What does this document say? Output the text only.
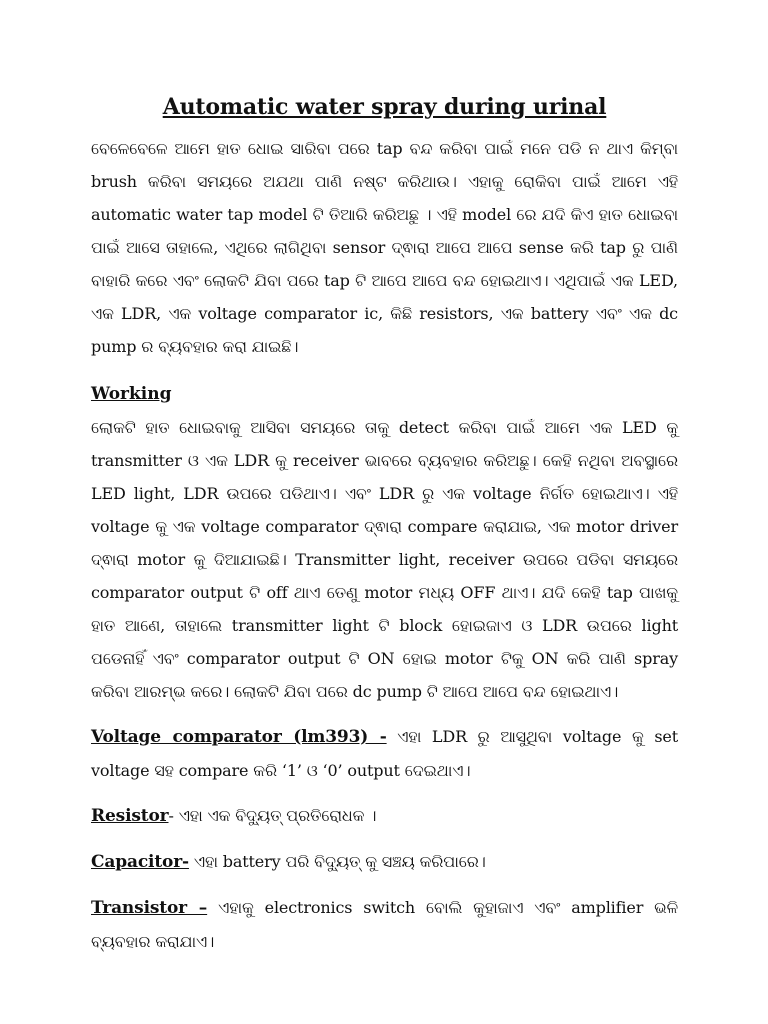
Automatic water spray during urinal

ବେଳେବେଳେ ଆମେ ହାତ ଧୋଇ ସାରିବା ପରେ tap ବନ୍ଦ କରିବା ପାଇଁ ମନେ ପଡି ନ ଥାଏ କିମ୍ବା brush କରିବା ସମୟରେ ଅଯଥା ପାଣି ନଷ୍ଟ କରିଥାଉ। ଏହାକୁ ରୋକିବା ପାଇଁ ଆମେ ଏହି automatic water tap model ଟି ତିଆରି କରିଅଛୁ । ଏହି model ରେ ଯଦି କିଏ ହାତ ଧୋଇବା ପାଇଁ ଆସେ ତାହାଲେ, ଏଥିରେ ଲାଗିଥିବା sensor ଦ୍ଵାରା ଆପେ ଆପେ sense କରି tap ରୁ ପାଣି ବାହାରି କରେ ଏବଂ ଲୋକଟି ଯିବା ପରେ tap ଟି ଆପେ ଆପେ ବନ୍ଦ ହୋଇଥାଏ। ଏଥିପାଇଁ ଏକ LED, ଏକ LDR, ଏକ voltage comparator ic, କିଛି resistors, ଏକ battery ଏବଂ ଏକ dc pump ର ବ୍ୟବହାର କରା ଯାଇଛି।

Working

ଲୋକଟି ହାତ ଧୋଇବାକୁ ଆସିବା ସମୟରେ ତାକୁ detect କରିବା ପାଇଁ ଆମେ ଏକ LED କୁ transmitter ଓ ଏକ LDR କୁ receiver ଭାବରେ ବ୍ୟବହାର କରିଅଛୁ। କେହି ନଥିବା ଅବସ୍ଥାରେ LED light, LDR ଉପରେ ପଡିଥାଏ। ଏବଂ LDR ରୁ ଏକ voltage ନିର୍ଗତ ହୋଇଥାଏ। ଏହି voltage କୁ ଏକ voltage comparator ଦ୍ଵାରା compare କରାଯାଇ, ଏକ motor driver ଦ୍ଵାରା motor କୁ ଦିଆଯାଇଛି। Transmitter light, receiver ଉପରେ ପଡିବା ସମୟରେ comparator output ଟି off ଥାଏ ତେଣୁ motor ମଧ୍ୟ OFF ଥାଏ। ଯଦି କେହି tap ପାଖକୁ ହାତ ଆଣେ, ତାହାଲେ transmitter light ଟି block ହୋଇଜାଏ ଓ LDR ଉପରେ light ପଡେନାହିଁ ଏବଂ comparator output ଟି ON ହୋଇ motor ଟିକୁ ON କରି ପାଣି spray କରିବା ଆରମ୍ଭ କରେ। ଲୋକଟି ଯିବା ପରେ dc pump ଟି ଆପେ ଆପେ ବନ୍ଦ ହୋଇଥାଏ।

Voltage comparator (lm393) - ଏହା LDR ରୁ ଆସୁଥିବା voltage କୁ set voltage ସହ compare କରି ‘1’ ଓ ‘0’ output ଦେଇଥାଏ।

Resistor- ଏହା ଏକ ବିଦ୍ୟୁତ୍ ପ୍ରତିରୋଧକ ।

Capacitor- ଏହା battery ପରି ବିଦ୍ୟୁତ୍ କୁ ସଞ୍ଚୟ କରିପାରେ।

Transistor – ଏହାକୁ electronics switch ବୋଲି କୁହାଜାଏ ଏବଂ amplifier ଭଳି ବ୍ୟବହାର କରାଯାଏ।
